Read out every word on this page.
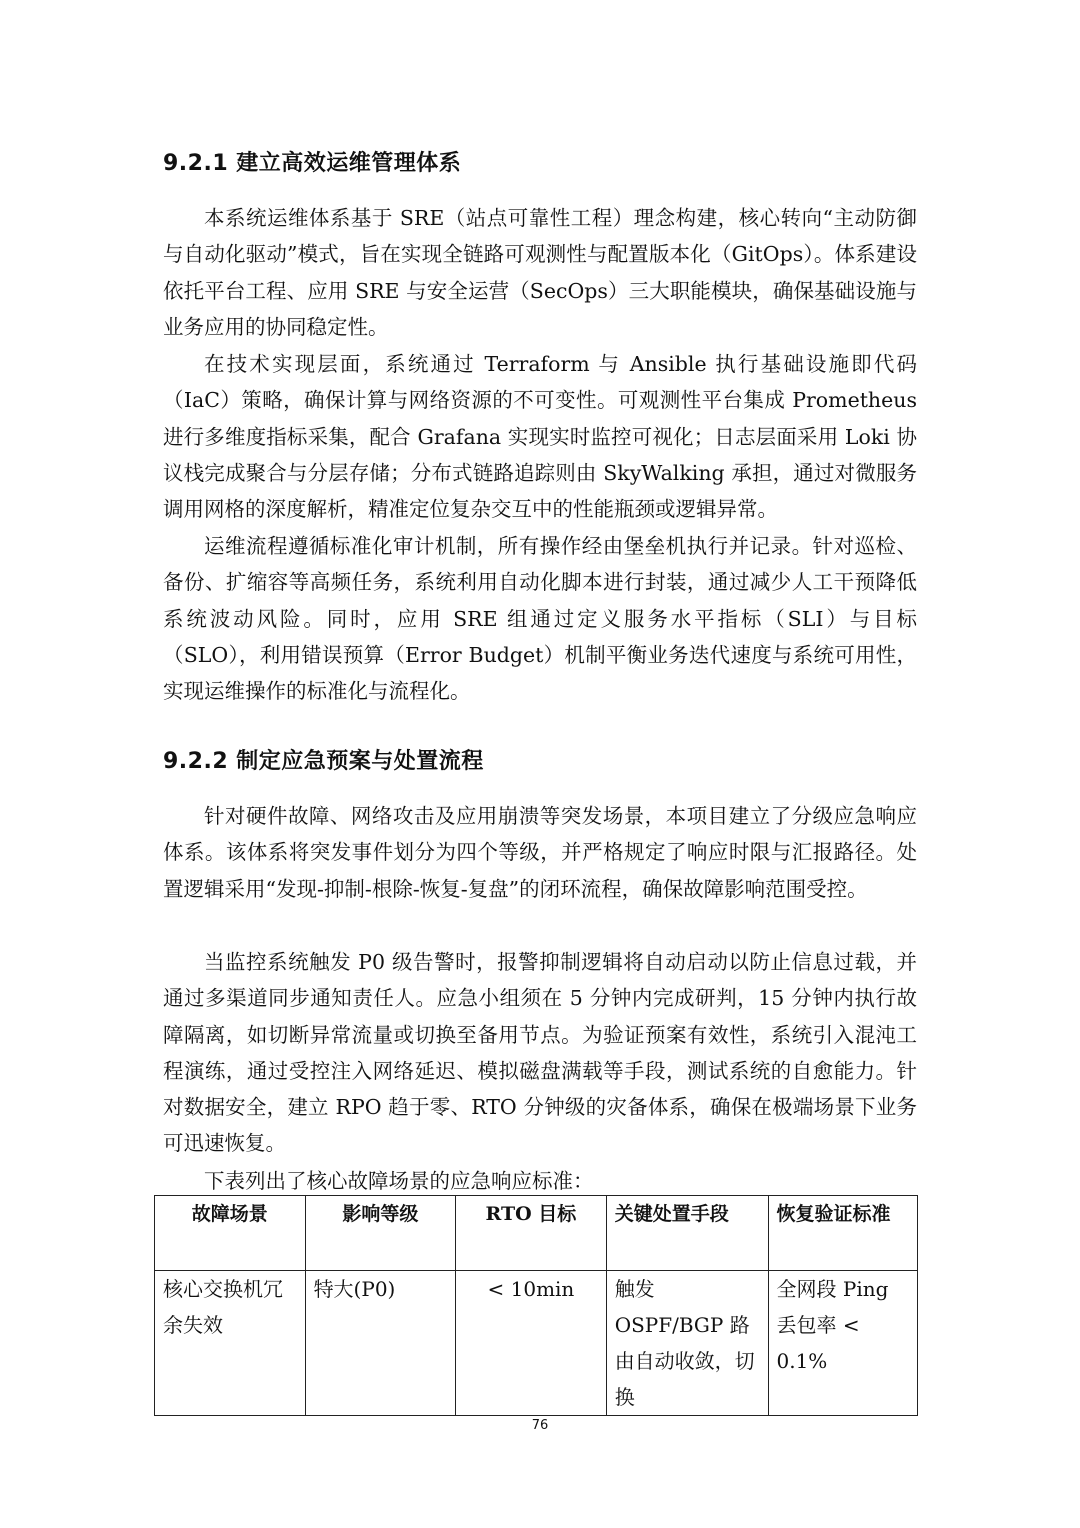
9.2.1 建立高效运维管理体系

本系统运维体系基于 SRE（站点可靠性工程）理念构建，核心转向“主动防御与自动化驱动”模式，旨在实现全链路可观测性与配置版本化（GitOps）。体系建设依托平台工程、应用 SRE 与安全运营（SecOps）三大职能模块，确保基础设施与业务应用的协同稳定性。

在技术实现层面，系统通过 Terraform 与 Ansible 执行基础设施即代码（IaC）策略，确保计算与网络资源的不可变性。可观测性平台集成 Prometheus 进行多维度指标采集，配合 Grafana 实现实时监控可视化；日志层面采用 Loki 协议栈完成聚合与分层存储；分布式链路追踪则由 SkyWalking 承担，通过对微服务调用网格的深度解析，精准定位复杂交互中的性能瓶颈或逻辑异常。

运维流程遵循标准化审计机制，所有操作经由堡垒机执行并记录。针对巡检、备份、扩缩容等高频任务，系统利用自动化脚本进行封装，通过减少人工干预降低系统波动风险。同时，应用 SRE 组通过定义服务水平指标（SLI）与目标（SLO），利用错误预算（Error Budget）机制平衡业务迭代速度与系统可用性，实现运维操作的标准化与流程化。

9.2.2 制定应急预案与处置流程

针对硬件故障、网络攻击及应用崩溃等突发场景，本项目建立了分级应急响应体系。该体系将突发事件划分为四个等级，并严格规定了响应时限与汇报路径。处置逻辑采用“发现-抑制-根除-恢复-复盘”的闭环流程，确保故障影响范围受控。

当监控系统触发 P0 级告警时，报警抑制逻辑将自动启动以防止信息过载，并通过多渠道同步通知责任人。应急小组须在 5 分钟内完成研判，15 分钟内执行故障隔离，如切断异常流量或切换至备用节点。为验证预案有效性，系统引入混沌工程演练，通过受控注入网络延迟、模拟磁盘满载等手段，测试系统的自愈能力。针对数据安全，建立 RPO 趋于零、RTO 分钟级的灾备体系，确保在极端场景下业务可迅速恢复。

下表列出了核心故障场景的应急响应标准：
故障场景	影响等级	RTO 目标	关键处置手段	恢复验证标准
核心交换机冗余失效	特大(P0)	< 10min	触发OSPF/BGP 路由自动收敛，切换	全网段 Ping 丢包率 < 0.1%
76
